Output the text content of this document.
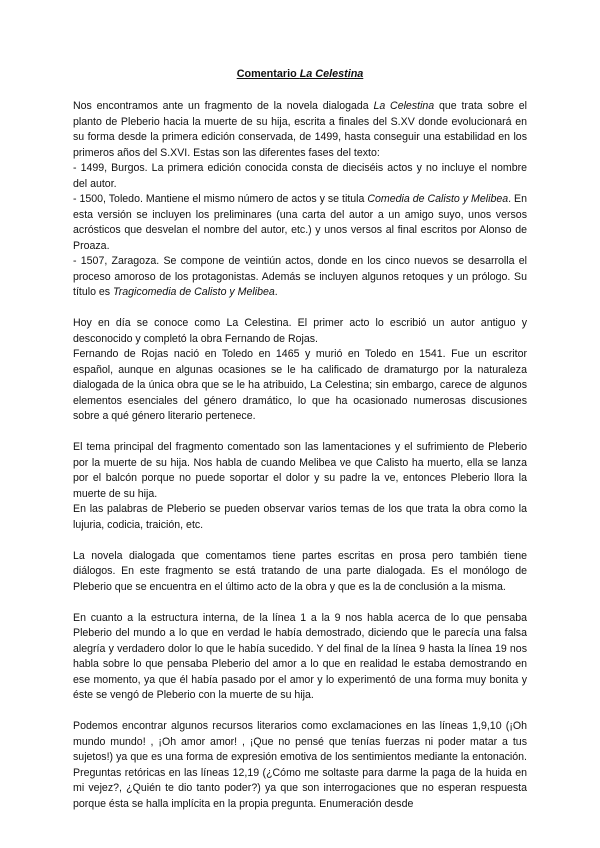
Comentario La Celestina

Nos encontramos ante un fragmento de la novela dialogada La Celestina que trata sobre el planto de Pleberio hacia la muerte de su hija, escrita a finales del S.XV donde evolucionará en su forma desde la primera edición conservada, de 1499, hasta conseguir una estabilidad en los primeros años del S.XVI. Estas son las diferentes fases del texto:

- 1499, Burgos. La primera edición conocida consta de dieciséis actos y no incluye el nombre del autor.

- 1500, Toledo. Mantiene el mismo número de actos y se titula Comedia de Calisto y Melibea. En esta versión se incluyen los preliminares (una carta del autor a un amigo suyo, unos versos acrósticos que desvelan el nombre del autor, etc.) y unos versos al final escritos por Alonso de Proaza.

- 1507, Zaragoza. Se compone de veintiún actos, donde en los cinco nuevos se desarrolla el proceso amoroso de los protagonistas. Además se incluyen algunos retoques y un prólogo. Su título es Tragicomedia de Calisto y Melibea.

Hoy en día se conoce como La Celestina. El primer acto lo escribió un autor antiguo y desconocido y completó la obra Fernando de Rojas.

Fernando de Rojas nació en Toledo en 1465 y murió en Toledo en 1541. Fue un escritor español, aunque en algunas ocasiones se le ha calificado de dramaturgo por la naturaleza dialogada de la única obra que se le ha atribuido, La Celestina; sin embargo, carece de algunos elementos esenciales del género dramático, lo que ha ocasionado numerosas discusiones sobre a qué género literario pertenece.

El tema principal del fragmento comentado son las lamentaciones y el sufrimiento de Pleberio por la muerte de su hija. Nos habla de cuando Melibea ve que Calisto ha muerto, ella se lanza por el balcón porque no puede soportar el dolor y su padre la ve, entonces Pleberio llora la muerte de su hija.

En las palabras de Pleberio se pueden observar varios temas de los que trata la obra como la lujuria, codicia, traición, etc.

La novela dialogada que comentamos tiene partes escritas en prosa pero también tiene diálogos. En este fragmento se está tratando de una parte dialogada. Es el monólogo de Pleberio que se encuentra en el último acto de la obra y que es la de conclusión a la misma.

En cuanto a la estructura interna, de la línea 1 a la 9 nos habla acerca de lo que pensaba Pleberio del mundo a lo que en verdad le había demostrado, diciendo que le parecía una falsa alegría y verdadero dolor lo que le había sucedido. Y del final de la línea 9 hasta la línea 19 nos habla sobre lo que pensaba Pleberio del amor a lo que en realidad le estaba demostrando en ese momento, ya que él había pasado por el amor y lo experimentó de una forma muy bonita y éste se vengó de Pleberio con la muerte de su hija.

Podemos encontrar algunos recursos literarios como exclamaciones en las líneas 1,9,10 (¡Oh mundo mundo! , ¡Oh amor amor! , ¡Que no pensé que tenías fuerzas ni poder matar a tus sujetos!) ya que es una forma de expresión emotiva de los sentimientos mediante la entonación. Preguntas retóricas en las líneas 12,19 (¿Cómo me soltaste para darme la paga de la huida en mi vejez?, ¿Quién te dio tanto poder?) ya que son interrogaciones que no esperan respuesta porque ésta se halla implícita en la propia pregunta. Enumeración desde
